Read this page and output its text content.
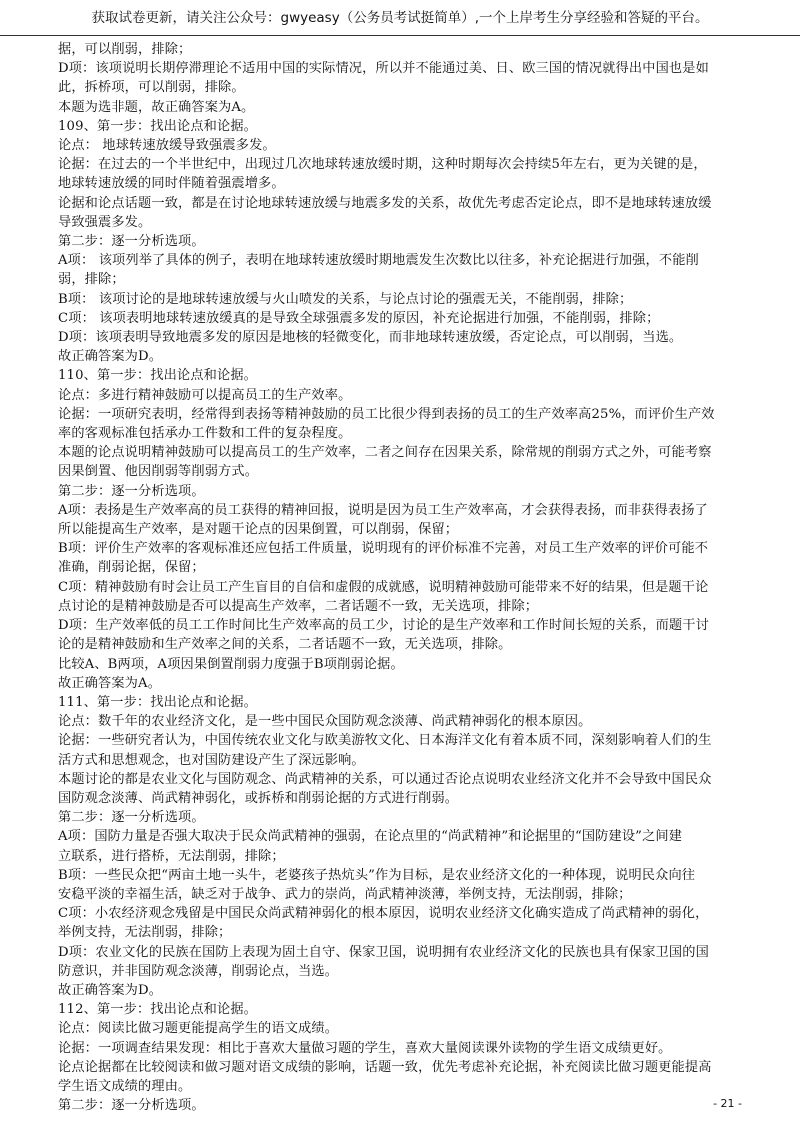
获取试卷更新，请关注公众号：gwyeasy（公务员考试挺简单）,一个上岸考生分享经验和答疑的平台。

据，可以削弱，排除；

D项：该项说明长期停滞理论不适用中国的实际情况，所以并不能通过美、日、欧三国的情况就得出中国也是如

此，拆桥项，可以削弱，排除。

本题为选非题，故正确答案为A。

109、第一步：找出论点和论据。

论点： 地球转速放缓导致强震多发。

论据：在过去的一个半世纪中，出现过几次地球转速放缓时期，这种时期每次会持续5年左右，更为关键的是，

地球转速放缓的同时伴随着强震增多。

论据和论点话题一致，都是在讨论地球转速放缓与地震多发的关系，故优先考虑否定论点，即不是地球转速放缓

导致强震多发。

第二步：逐一分析选项。

A项： 该项列举了具体的例子，表明在地球转速放缓时期地震发生次数比以往多，补充论据进行加强，不能削

弱，排除；

B项： 该项讨论的是地球转速放缓与火山喷发的关系，与论点讨论的强震无关，不能削弱，排除；

C项： 该项表明地球转速放缓真的是导致全球强震多发的原因，补充论据进行加强，不能削弱，排除；

D项：该项表明导致地震多发的原因是地核的轻微变化，而非地球转速放缓，否定论点，可以削弱，当选。

故正确答案为D。

110、第一步：找出论点和论据。

论点：多进行精神鼓励可以提高员工的生产效率。

论据：一项研究表明，经常得到表扬等精神鼓励的员工比很少得到表扬的员工的生产效率高25%，而评价生产效

率的客观标准包括承办工件数和工件的复杂程度。

本题的论点说明精神鼓励可以提高员工的生产效率，二者之间存在因果关系，除常规的削弱方式之外，可能考察

因果倒置、他因削弱等削弱方式。

第二步：逐一分析选项。

A项：表扬是生产效率高的员工获得的精神回报，说明是因为员工生产效率高，才会获得表扬，而非获得表扬了

所以能提高生产效率，是对题干论点的因果倒置，可以削弱，保留；

B项：评价生产效率的客观标准还应包括工件质量，说明现有的评价标准不完善，对员工生产效率的评价可能不

准确，削弱论据，保留；

C项：精神鼓励有时会让员工产生盲目的自信和虚假的成就感，说明精神鼓励可能带来不好的结果，但是题干论

点讨论的是精神鼓励是否可以提高生产效率，二者话题不一致，无关选项，排除；

D项：生产效率低的员工工作时间比生产效率高的员工少，讨论的是生产效率和工作时间长短的关系，而题干讨

论的是精神鼓励和生产效率之间的关系，二者话题不一致，无关选项，排除。

比较A、B两项，A项因果倒置削弱力度强于B项削弱论据。

故正确答案为A。

111、第一步：找出论点和论据。

论点：数千年的农业经济文化，是一些中国民众国防观念淡薄、尚武精神弱化的根本原因。

论据：一些研究者认为，中国传统农业文化与欧美游牧文化、日本海洋文化有着本质不同，深刻影响着人们的生

活方式和思想观念，也对国防建设产生了深远影响。

本题讨论的都是农业文化与国防观念、尚武精神的关系，可以通过否论点说明农业经济文化并不会导致中国民众

国防观念淡薄、尚武精神弱化，或拆桥和削弱论据的方式进行削弱。

第二步：逐一分析选项。

A项：国防力量是否强大取决于民众尚武精神的强弱，在论点里的“尚武精神”和论据里的“国防建设”之间建

立联系，进行搭桥，无法削弱，排除；

B项：一些民众把“两亩土地一头牛，老婆孩子热炕头”作为目标，是农业经济文化的一种体现，说明民众向往

安稳平淡的幸福生活，缺乏对于战争、武力的崇尚，尚武精神淡薄，举例支持，无法削弱，排除；

C项：小农经济观念残留是中国民众尚武精神弱化的根本原因，说明农业经济文化确实造成了尚武精神的弱化，

举例支持，无法削弱，排除；

D项：农业文化的民族在国防上表现为固土自守、保家卫国，说明拥有农业经济文化的民族也具有保家卫国的国

防意识，并非国防观念淡薄，削弱论点，当选。

故正确答案为D。

112、第一步：找出论点和论据。

论点：阅读比做习题更能提高学生的语文成绩。

论据：一项调查结果发现：相比于喜欢大量做习题的学生，喜欢大量阅读课外读物的学生语文成绩更好。

论点论据都在比较阅读和做习题对语文成绩的影响，话题一致，优先考虑补充论据，补充阅读比做习题更能提高

学生语文成绩的理由。

第二步：逐一分析选项。	- 21 -
